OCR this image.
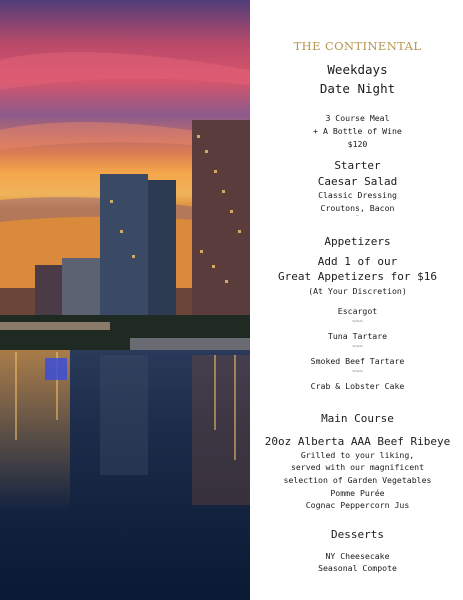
THE CONTINENTAL
Weekdays
Date Night
3 Course Meal
+ A Bottle of Wine
$120
Starter
Caesar Salad
Classic Dressing
Croutons, Bacon
—
Appetizers
Add 1 of our
Great Appetizers for $16
(At Your Discretion)
Escargot
~~~
Tuna Tartare
~~~
Smoked Beef Tartare
~~~
Crab & Lobster Cake
Main Course
20oz Alberta AAA Beef Ribeye
Grilled to your liking,
served with our magnificent
selection of Garden Vegetables
Pomme Purée
Cognac Peppercorn Jus
Desserts
NY Cheesecake
Seasonal Compote
